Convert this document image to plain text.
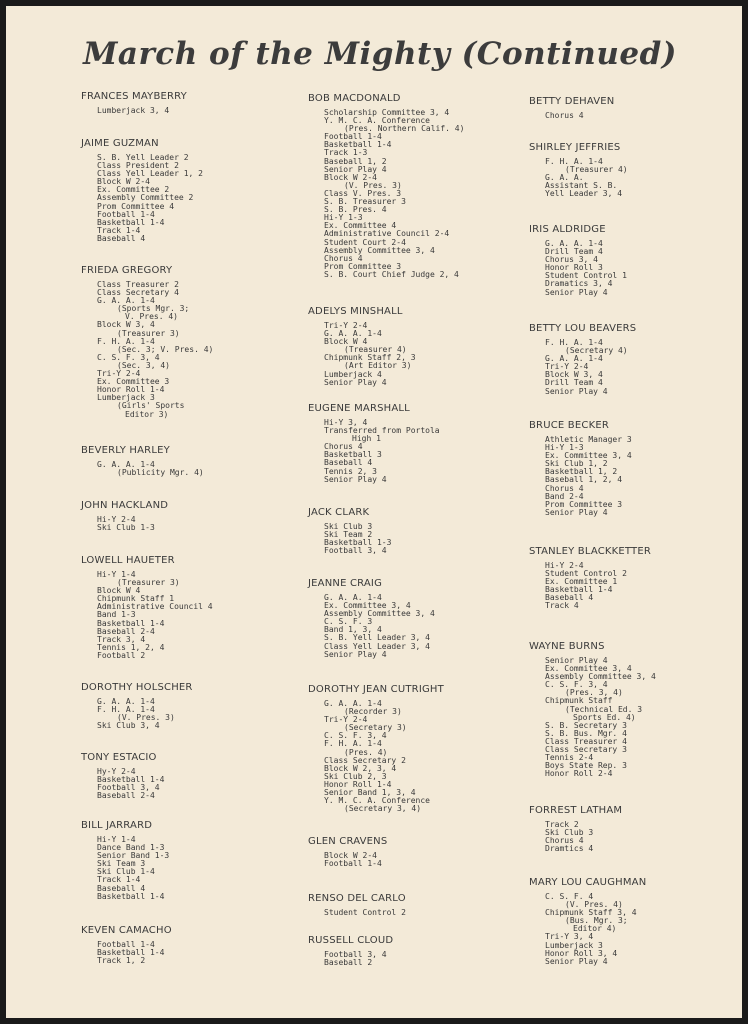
March of the Mighty (Continued)
FRANCES MAYBERRY
Lumberjack 3, 4
JAIME GUZMAN
S. B. Yell Leader 2
Class President 2
Class Yell Leader 1, 2
Block W 2-4
Ex. Committee 2
Assembly Committee 2
Prom Committee 4
Football 1-4
Basketball 1-4
Track 1-4
Baseball 4
FRIEDA GREGORY
Class Treasurer 2
Class Secretary 4
G. A. A. 1-4
(Sports Mgr. 3;
V. Pres. 4)
Block W 3, 4
(Treasurer 3)
F. H. A. 1-4
(Sec. 3; V. Pres. 4)
C. S. F. 3, 4
(Sec. 3, 4)
Tri-Y 2-4
Ex. Committee 3
Honor Roll 1-4
Lumberjack 3
(Girls' Sports
Editor 3)
BEVERLY HARLEY
G. A. A. 1-4
(Publicity Mgr. 4)
JOHN HACKLAND
Hi-Y 2-4
Ski Club 1-3
LOWELL HAUETER
Hi-Y 1-4
(Treasurer 3)
Block W 4
Chipmunk Staff 1
Administrative Council 4
Band 1-3
Basketball 1-4
Baseball 2-4
Track 3, 4
Tennis 1, 2, 4
Football 2
DOROTHY HOLSCHER
G. A. A. 1-4
F. H. A. 1-4
(V. Pres. 3)
Ski Club 3, 4
TONY ESTACIO
Hy-Y 2-4
Basketball 1-4
Football 3, 4
Baseball 2-4
BILL JARRARD
Hi-Y 1-4
Dance Band 1-3
Senior Band 1-3
Ski Team 3
Ski Club 1-4
Track 1-4
Baseball 4
Basketball 1-4
KEVEN CAMACHO
Football 1-4
Basketball 1-4
Track 1, 2
BOB MACDONALD
Scholarship Committee 3, 4
Y. M. C. A. Conference
(Pres. Northern Calif. 4)
Football 1-4
Basketball 1-4
Track 1-3
Baseball 1, 2
Senior Play 4
Block W 2-4
(V. Pres. 3)
Class V. Pres. 3
S. B. Treasurer 3
S. B. Pres. 4
Hi-Y 1-3
Ex. Committee 4
Administrative Council 2-4
Student Court 2-4
Assembly Committee 3, 4
Chorus 4
Prom Committee 3
S. B. Court Chief Judge 2, 4
ADELYS MINSHALL
Tri-Y 2-4
G. A. A. 1-4
Block W 4
(Treasurer 4)
Chipmunk Staff 2, 3
(Art Editor 3)
Lumberjack 4
Senior Play 4
EUGENE MARSHALL
Hi-Y 3, 4
Transferred from Portola
High 1
Chorus 4
Basketball 3
Baseball 4
Tennis 2, 3
Senior Play 4
JACK CLARK
Ski Club 3
Ski Team 2
Basketball 1-3
Football 3, 4
JEANNE CRAIG
G. A. A. 1-4
Ex. Committee 3, 4
Assembly Committee 3, 4
C. S. F. 3
Band 1, 3, 4
S. B. Yell Leader 3, 4
Class Yell Leader 3, 4
Senior Play 4
DOROTHY JEAN CUTRIGHT
G. A. A. 1-4
(Recorder 3)
Tri-Y 2-4
(Secretary 3)
C. S. F. 3, 4
F. H. A. 1-4
(Pres. 4)
Class Secretary 2
Block W 2, 3, 4
Ski Club 2, 3
Honor Roll 1-4
Senior Band 1, 3, 4
Y. M. C. A. Conference
(Secretary 3, 4)
GLEN CRAVENS
Block W 2-4
Football 1-4
RENSO DEL CARLO
Student Control 2
RUSSELL CLOUD
Football 3, 4
Baseball 2
BETTY DEHAVEN
Chorus 4
SHIRLEY JEFFRIES
F. H. A. 1-4
(Treasurer 4)
G. A. A.
Assistant S. B.
Yell Leader 3, 4
IRIS ALDRIDGE
G. A. A. 1-4
Drill Team 4
Chorus 3, 4
Honor Roll 3
Student Control 1
Dramatics 3, 4
Senior Play 4
BETTY LOU BEAVERS
F. H. A. 1-4
(Secretary 4)
G. A. A. 1-4
Tri-Y 2-4
Block W 3, 4
Drill Team 4
Senior Play 4
BRUCE BECKER
Athletic Manager 3
Hi-Y 1-3
Ex. Committee 3, 4
Ski Club 1, 2
Basketball 1, 2
Baseball 1, 2, 4
Chorus 4
Band 2-4
Prom Committee 3
Senior Play 4
STANLEY BLACKKETTER
Hi-Y 2-4
Student Control 2
Ex. Committee 1
Basketball 1-4
Baseball 4
Track 4
WAYNE BURNS
Senior Play 4
Ex. Committee 3, 4
Assembly Committee 3, 4
C. S. F. 3, 4
(Pres. 3, 4)
Chipmunk Staff
(Technical Ed. 3
Sports Ed. 4)
S. B. Secretary 3
S. B. Bus. Mgr. 4
Class Treasurer 4
Class Secretary 3
Tennis 2-4
Boys State Rep. 3
Honor Roll 2-4
FORREST LATHAM
Track 2
Ski Club 3
Chorus 4
Dramtics 4
MARY LOU CAUGHMAN
C. S. F. 4
(V. Pres. 4)
Chipmunk Staff 3, 4
(Bus. Mgr. 3;
Editor 4)
Tri-Y 3, 4
Lumberjack 3
Honor Roll 3, 4
Senior Play 4
